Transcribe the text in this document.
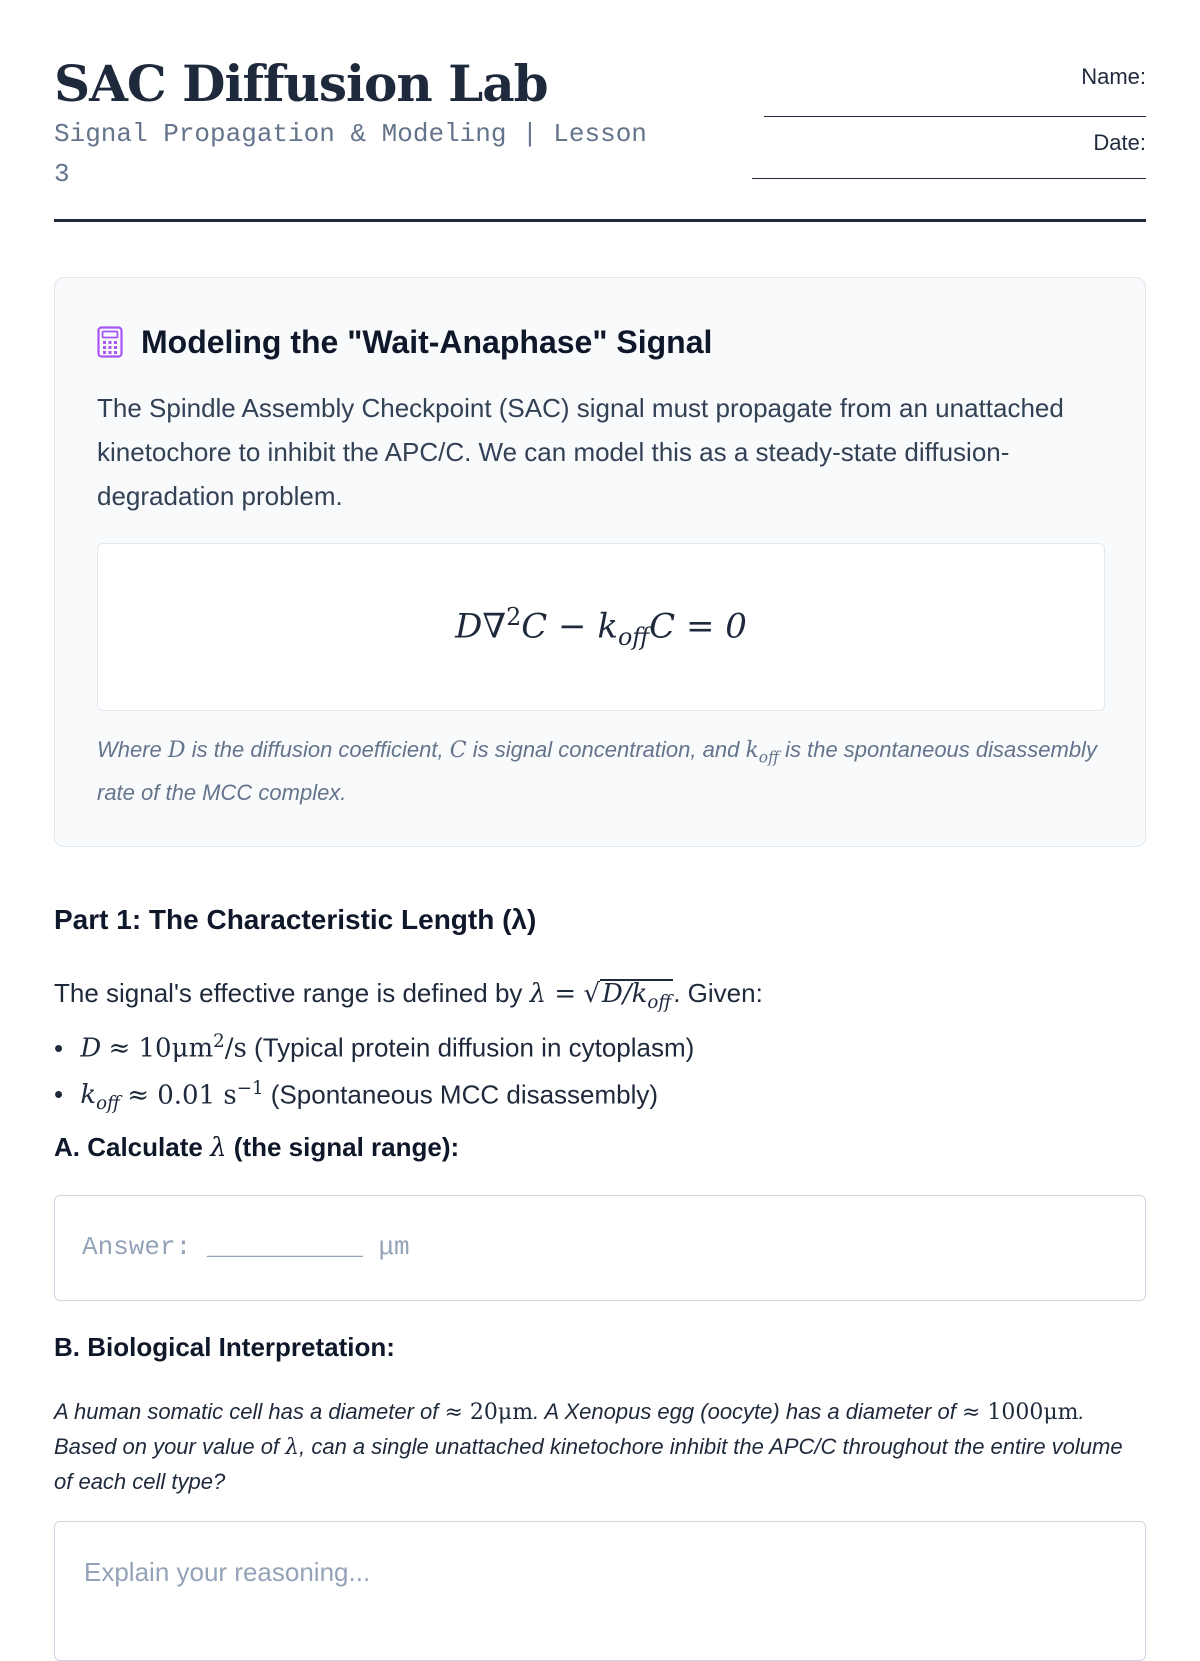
SAC Diffusion Lab
Signal Propagation & Modeling | Lesson 3
Name:
Date:
Modeling the "Wait-Anaphase" Signal
The Spindle Assembly Checkpoint (SAC) signal must propagate from an unattached kinetochore to inhibit the APC/C. We can model this as a steady-state diffusion-degradation problem.
$D\nabla^2C - k_{off}C = 0$
Where D is the diffusion coefficient, C is signal concentration, and $k_{off}$ is the spontaneous disassembly rate of the MCC complex.
Part 1: The Characteristic Length (λ)
The signal's effective range is defined by $\lambda = √D/k_{off}$. Given:
• $D \approx 10\mu m^2/s$ (Typical protein diffusion in cytoplasm)
• $k_{off} \approx 0.01$ $s^{-1}$ (Spontaneous MCC disassembly)
A. Calculate λ (the signal range):
Answer: __________ μm
B. Biological Interpretation:
A human somatic cell has a diameter of ≈ 20μm. A Xenopus egg (oocyte) has a diameter of ≈ 1000μm. Based on your value of λ, can a single unattached kinetochore inhibit the APC/C throughout the entire volume of each cell type?
Explain your reasoning...
